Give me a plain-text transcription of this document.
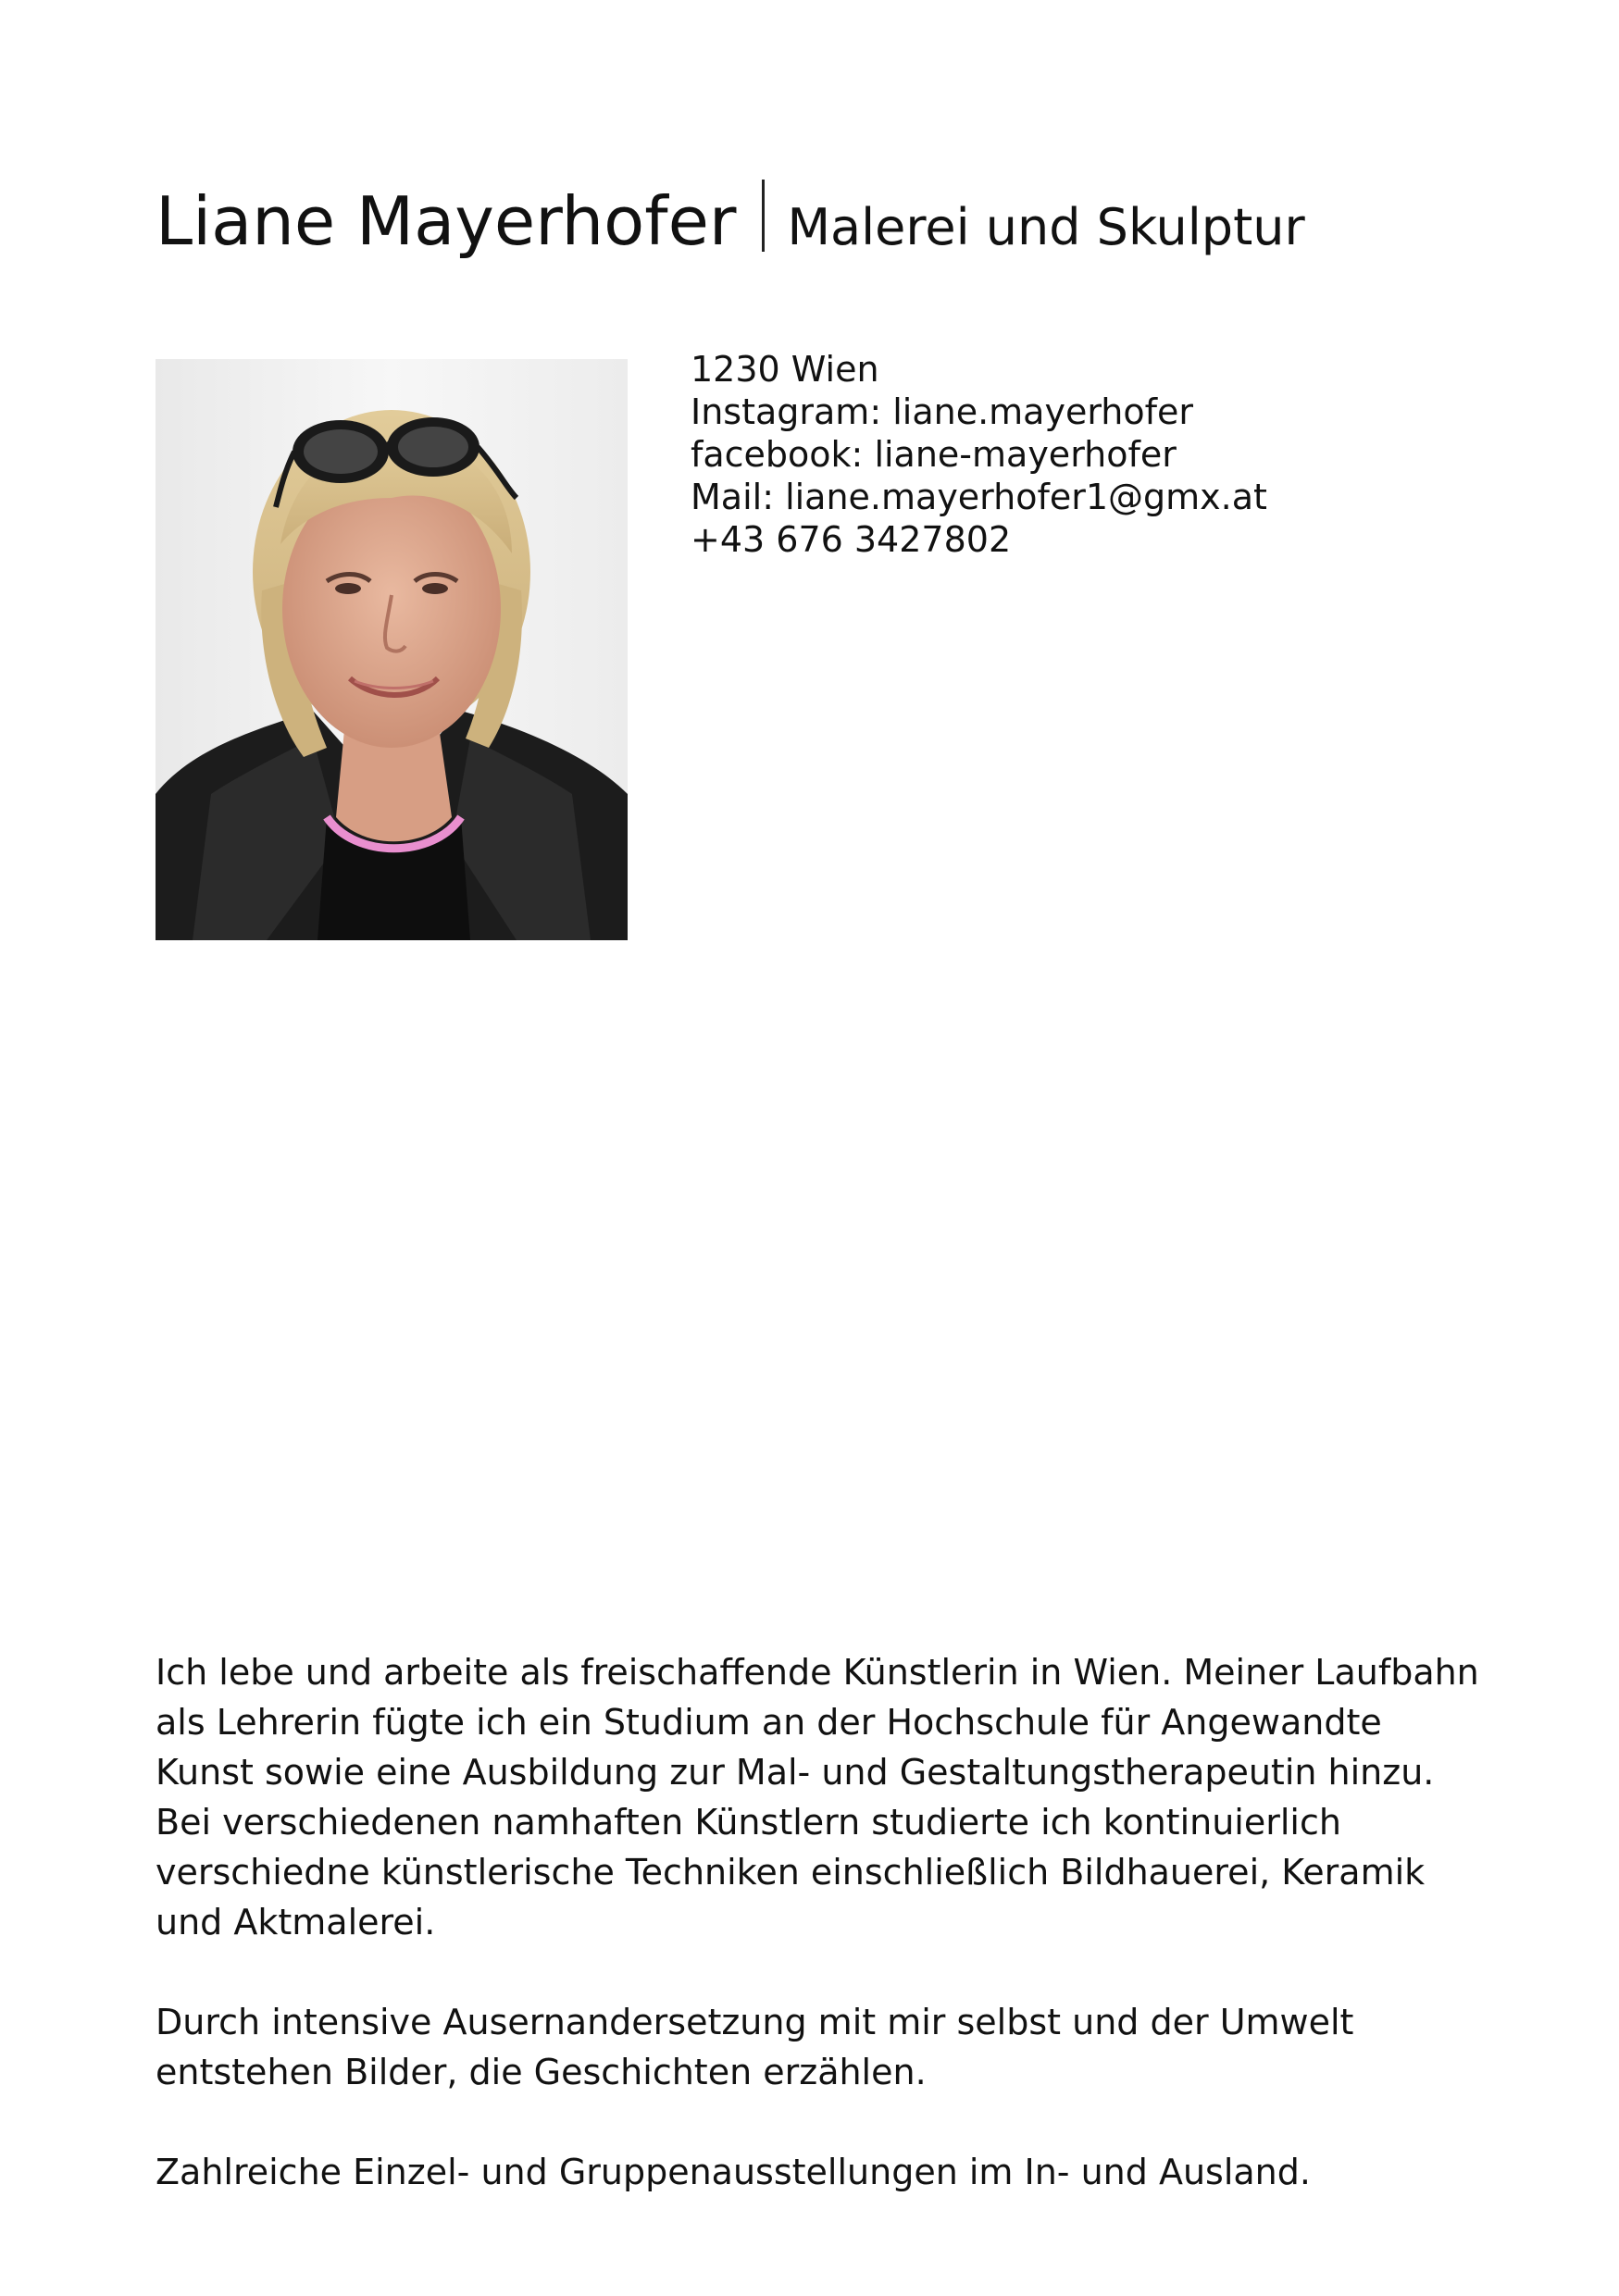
Liane Mayerhofer Malerei und Skulptur
1230 Wien
Instagram: liane.mayerhofer
facebook: liane-mayerhofer
Mail: liane.mayerhofer1@gmx.at
+43 676 3427802

Ich lebe und arbeite als freischaffende Künstlerin in Wien. Meiner Laufbahn als Lehrerin fügte ich ein Studium an der Hochschule für Angewandte Kunst sowie eine Ausbildung zur Mal- und Gestaltungstherapeutin hinzu. Bei verschiedenen namhaften Künstlern studierte ich kontinuierlich verschiedne künstlerische Techniken einschließlich Bildhauerei, Keramik und Aktmalerei.

Durch intensive Ausernandersetzung mit mir selbst und der Umwelt entstehen Bilder, die Geschichten erzählen.

Zahlreiche Einzel- und Gruppenausstellungen im In- und Ausland.
